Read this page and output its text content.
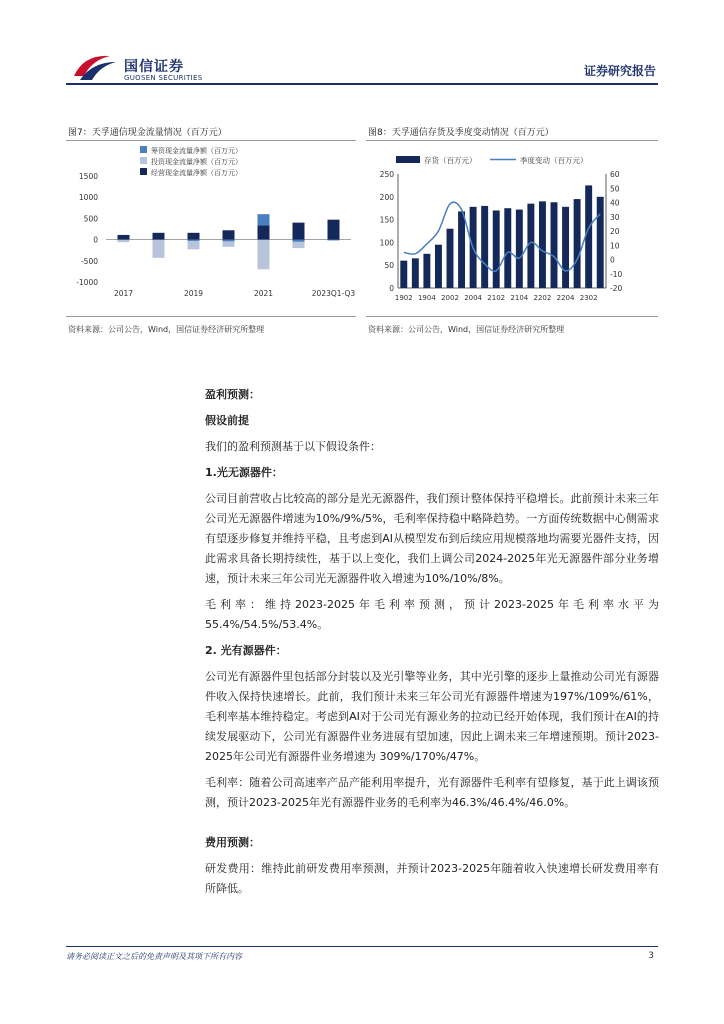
国信证券
GUOSEN SECURITIES	证券研究报告
图7：天孚通信现金流量情况（百万元）
筹资现金流量净额（百万元）
投资现金流量净额（百万元）
经营现金流量净额（百万元）
1500
1000
500
0
-500
-1000
2017	2019	2021	2023Q1-Q3
资料来源：公司公告，Wind，国信证券经济研究所整理
图8：天孚通信存货及季度变动情况（百万元）
存货（百万元）	季度变动（百万元）
250
200
150
100
50
0
60
50
40
30
20
10
0
-10
-20
1902 1904 2002 2004 2102 2104 2202 2204 2302
资料来源：公司公告，Wind，国信证券经济研究所整理

盈利预测：

假设前提

我们的盈利预测基于以下假设条件：

1.光无源器件：

公司目前营收占比较高的部分是光无源器件，我们预计整体保持平稳增长。此前预计未来三年公司光无源器件增速为10%/9%/5%，毛利率保持稳中略降趋势。一方面传统数据中心侧需求有望逐步修复并维持平稳，且考虑到AI从模型发布到后续应用规模落地均需要光器件支持，因此需求具备长期持续性，基于以上变化，我们上调公司2024-2025年光无源器件部分业务增速，预计未来三年公司光无源器件收入增速为10%/10%/8%。

毛利率：维持2023-2025年毛利率预测，预计2023-2025年毛利率水平为55.4%/54.5%/53.4%。

2. 光有源器件：

公司光有源器件里包括部分封装以及光引擎等业务，其中光引擎的逐步上量推动公司光有源器件收入保持快速增长。此前，我们预计未来三年公司光有源器件增速为197%/109%/61%，毛利率基本维持稳定。考虑到AI对于公司光有源业务的拉动已经开始体现，我们预计在AI的持续发展驱动下，公司光有源器件业务进展有望加速，因此上调未来三年增速预期。预计2023-2025年公司光有源器件业务增速为 309%/170%/47%。

毛利率：随着公司高速率产品产能利用率提升，光有源器件毛利率有望修复，基于此上调该预测，预计2023-2025年光有源器件业务的毛利率为46.3%/46.4%/46.0%。

费用预测：

研发费用：维持此前研发费用率预测，并预计2023-2025年随着收入快速增长研发费用率有所降低。

请务必阅读正文之后的免责声明及其项下所有内容	3
